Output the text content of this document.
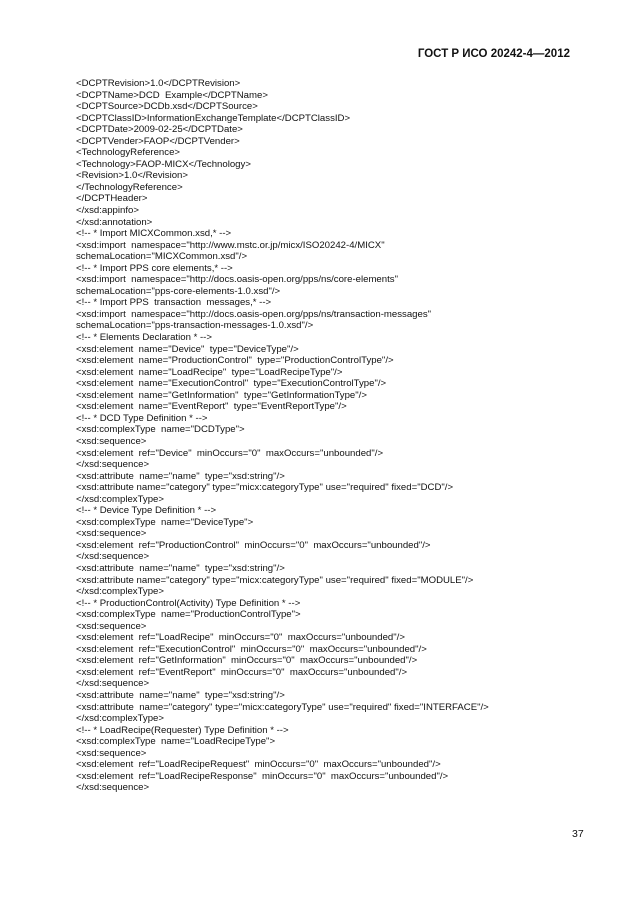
ГОСТ Р ИСО 20242-4—2012
<DCPTRevision>1.0</DCPTRevision>
<DCPTName>DCD  Example</DCPTName>
<DCPTSource>DCDb.xsd</DCPTSource>
<DCPTClassID>InformationExchangeTemplate</DCPTClassID>
<DCPTDate>2009-02-25</DCPTDate>
<DCPTVender>FAOP</DCPTVender>
<TechnologyReference>
<Technology>FAOP-MICX</Technology>
<Revision>1.0</Revision>
</TechnologyReference>
</DCPTHeader>
</xsd:appinfo>
</xsd:annotation>
<!-- * Import MICXCommon.xsd,* -->
<xsd:import  namespace="http://www.mstc.or.jp/micx/ISO20242-4/MICX"
schemaLocation="MICXCommon.xsd"/>
<!-- * Import PPS core elements,* -->
<xsd:import  namespace="http://docs.oasis-open.org/pps/ns/core-elements"
schemaLocation="pps-core-elements-1.0.xsd"/>
<!-- * Import PPS  transaction  messages,* -->
<xsd:import  namespace="http://docs.oasis-open.org/pps/ns/transaction-messages"
schemaLocation="pps-transaction-messages-1.0.xsd"/>
<!-- * Elements Declaration * -->
<xsd:element  name="Device"  type="DeviceType"/>
<xsd:element  name="ProductionControl"  type="ProductionControlType"/>
<xsd:element  name="LoadRecipe"  type="LoadRecipeType"/>
<xsd:element  name="ExecutionControl"  type="ExecutionControlType"/>
<xsd:element  name="GetInformation"  type="GetInformationType"/>
<xsd:element  name="EventReport"  type="EventReportType"/>
<!-- * DCD Type Definition * -->
<xsd:complexType  name="DCDType">
<xsd:sequence>
<xsd:element  ref="Device"  minOccurs="0"  maxOccurs="unbounded"/>
</xsd:sequence>
<xsd:attribute  name="name"  type="xsd:string"/>
<xsd:attribute name="category" type="micx:categoryType" use="required" fixed="DCD"/>
</xsd:complexType>
<!-- * Device Type Definition * -->
<xsd:complexType  name="DeviceType">
<xsd:sequence>
<xsd:element  ref="ProductionControl"  minOccurs="0"  maxOccurs="unbounded"/>
</xsd:sequence>
<xsd:attribute  name="name"  type="xsd:string"/>
<xsd:attribute name="category" type="micx:categoryType" use="required" fixed="MODULE"/>
</xsd:complexType>
<!-- * ProductionControl(Activity) Type Definition * -->
<xsd:complexType  name="ProductionControlType">
<xsd:sequence>
<xsd:element  ref="LoadRecipe"  minOccurs="0"  maxOccurs="unbounded"/>
<xsd:element  ref="ExecutionControl"  minOccurs="0"  maxOccurs="unbounded"/>
<xsd:element  ref="GetInformation"  minOccurs="0"  maxOccurs="unbounded"/>
<xsd:element  ref="EventReport"  minOccurs="0"  maxOccurs="unbounded"/>
</xsd:sequence>
<xsd:attribute  name="name"  type="xsd:string"/>
<xsd:attribute  name="category" type="micx:categoryType" use="required" fixed="INTERFACE"/>
</xsd:complexType>
<!-- * LoadRecipe(Requester) Type Definition * -->
<xsd:complexType  name="LoadRecipeType">
<xsd:sequence>
<xsd:element  ref="LoadRecipeRequest"  minOccurs="0"  maxOccurs="unbounded"/>
<xsd:element  ref="LoadRecipeResponse"  minOccurs="0"  maxOccurs="unbounded"/>
</xsd:sequence>
37
